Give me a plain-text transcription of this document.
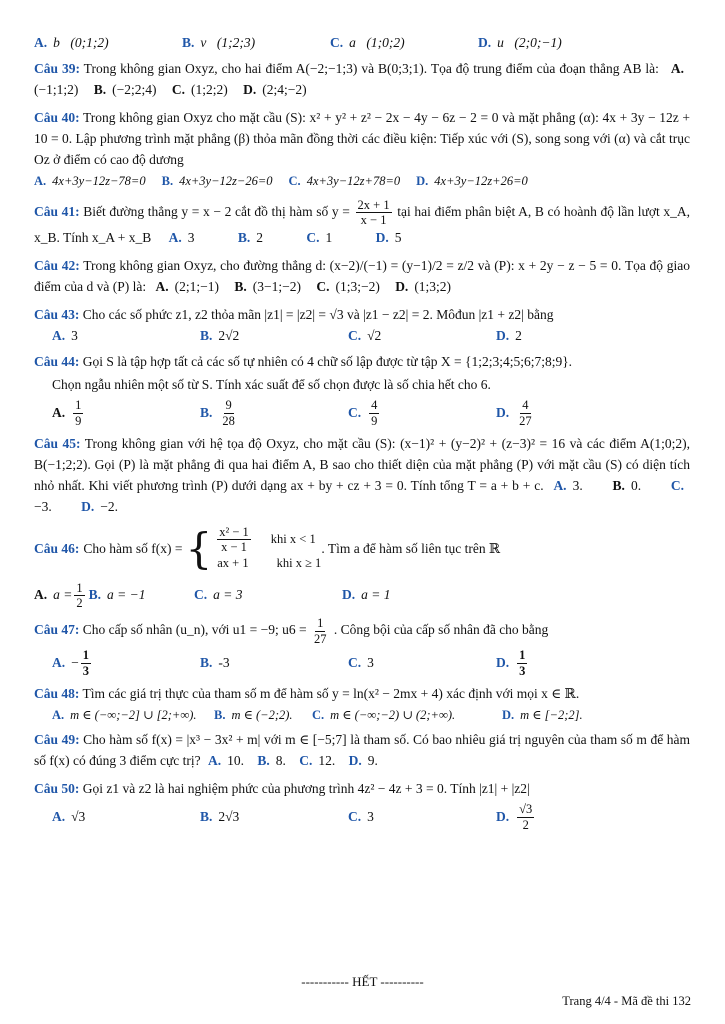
A. b⃗(0;1;2)	B. v⃗(1;2;3)	C. a⃗(1;0;2)	D. u⃗(2;0;−1)
Câu 39: Trong không gian Oxyz, cho hai điểm A(−2;−1;3) và B(0;3;1). Tọa độ trung điểm của đoạn thẳng AB là: A.(−1;1;2) B. (−2;2;4) C. (1;2;2) D. (2;4;−2)
Câu 40: Trong không gian Oxyz cho mặt cầu (S): x² + y² + z² − 2x − 4y − 6z − 2 = 0 và mặt phẳng (α): 4x + 3y − 12z + 10 = 0. Lập phương trình mặt phẳng (β) thỏa mãn đồng thời các điều kiện: Tiếp xúc với (S), song song với (α) và cắt trục Oz ở điểm có cao độ dương
A. 4x+3y−12z−78=0 B. 4x+3y−12z−26=0 C. 4x+3y−12z+78=0 D. 4x+3y−12z+26=0
Câu 41: Biết đường thẳng y = x − 2 cắt đồ thị hàm số $y = \frac{2x + 1}{x - 1}$ tại hai điểm phân biệt A, B có hoành độ lần lượt x_A, x_B. Tính x_A + x_B A. 3	B. 2	C. 1	D. 5
Câu 42: Trong không gian Oxyz, cho đường thẳng d: (x−2)/(−1) = (y−1)/2 = z/2 và (P): x + 2y − z − 5 = 0. Tọa độ giao điểm của d và (P) là: A. (2;1;−1) B. (3−1;−2) C. (1;3;−2) D. (1;3;2)
Câu 43: Cho các số phức z1, z2 thỏa mãn |z1| = |z2| = √3 và |z1 − z2| = 2. Môđun |z1 + z2| bằng
A. 3	B. 2√2	C. √2	D. 2
Câu 44: Gọi S là tập hợp tất cả các số tự nhiên có 4 chữ số lập được từ tập X = {1;2;3;4;5;6;7;8;9}.
Chọn ngẫu nhiên một số từ S. Tính xác suất để số chọn được là số chia hết cho 6.
A. $\frac{1}{9}$	B. $\frac{9}{28}$	C. $\frac{4}{9}$	D. $\frac{4}{27}$
Câu 45: Trong không gian với hệ tọa độ Oxyz, cho mặt cầu (S): (x−1)² + (y−2)² + (z−3)² = 16 và các điểm A(1;0;2), B(−1;2;2). Gọi (P) là mặt phẳng đi qua hai điểm A, B sao cho thiết diện của mặt phẳng (P) với mặt cầu (S) có diện tích nhỏ nhất. Khi viết phương trình (P) dưới dạng ax + by + cz + 3 = 0. Tính tổng T = a + b + c. A. 3. B. 0. C.−3. D. −2.
Câu 46: Cho hàm số f(x) = { $\frac{\text{x² − 1}}{x - 1}$ khi x < 1
ax + 1 khi x ≥ 1
. Tìm a để hàm số liên tục trên ℝ
A. $a = \frac{1}{2} B$. a = −1	C. a = 3	D. a = 1
Câu 47: Cho cấp số nhân (u_n), với u1 = −9; $u6 = \frac{1}{27}$ . Công bội của cấp số nhân đã cho bằng
A. − $\frac{1}{3}$	B. -3	C. 3	D. $\frac{1}{3}$
Câu 48: Tìm các giá trị thực của tham số m để hàm số y = ln(x² − 2mx + 4) xác định với mọi x ∈ ℝ.
A. m ∈ (−∞;−2] ∪ [2;+∞). B. m ∈ (−2;2). C. m ∈ (−∞;−2) ∪ (2;+∞).	D. m ∈ [−2;2].
Câu 49: Cho hàm số f(x) = |x³ − 3x² + m| với m ∈ [−5;7] là tham số. Có bao nhiêu giá trị nguyên của tham số m để hàm số f(x) có đúng 3 điểm cực trị? A. 10. B. 8. C. 12. D. 9.
Câu 50: Gọi z1 và z2 là hai nghiệm phức của phương trình 4z² − 4z + 3 = 0. Tính |z1| + |z2|
A. √3	B. 2√3	C. 3	D. $\frac{√3}{2}$
----------- HẾT ----------
Trang 4/4 - Mã đề thi 132
